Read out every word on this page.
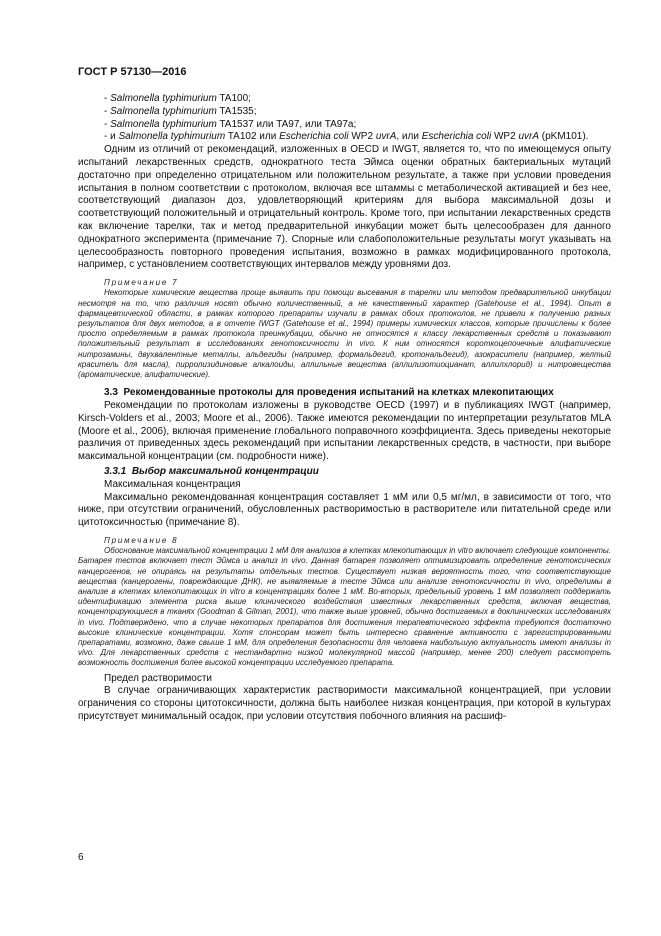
ГОСТ Р 57130—2016

- Salmonella typhimurium TA100;

- Salmonella typhimurium TA1535;

- Salmonella typhimurium TA1537 или TA97, или TA97a;

- и Salmonella typhimurium TA102 или Escherichia coli WP2 uvrA, или Escherichia coli WP2 uvrA (pKM101).

Одним из отличий от рекомендаций, изложенных в OECD и IWGT, является то, что по имеющемуся опыту испытаний лекарственных средств, однократного теста Эймса оценки обратных бактериальных мутаций достаточно при определенно отрицательном или положительном результате, а также при условии проведения испытания в полном соответствии с протоколом, включая все штаммы с метаболической активацией и без нее, соответствующий диапазон доз, удовлетворяющий критериям для выбора максимальной дозы и соответствующий положительный и отрицательный контроль. Кроме того, при испытании лекарственных средств как включение тарелки, так и метод предварительной инкубации может быть целесообразен для данного однократного эксперимента (примечание 7). Спорные или слабоположительные результаты могут указывать на целесообразность повторного проведения испытания, возможно в рамках модифицированного протокола, например, с установлением соответствующих интервалов между уровнями доз.

Примечание 7

Некоторые химические вещества проще выявить при помощи высевания в тарелки или методом предварительной инкубации несмотря на то, что различия носят обычно количественный, а не качественный характер (Gatehouse et al., 1994). Опыт в фармацевтической области, в рамках которого препараты изучали в рамках обоих протоколов, не привели к получению разных результатов для двух методов, а в отчете IWGT (Gatehouse et al., 1994) примеры химических классов, которые причислены к более просто определяемым в рамках протокола преинкубации, обычно не относятся к классу лекарственных средств и показывают положительный результат в исследованиях генотоксичности in vivo. К ним относятся короткоцепочечные алифатические нитрозамины, двухвалентные металлы, альдегиды (например, формальдегид, кротональдегид), азокрасители (например, желтый краситель для масла), пирролизидиновые алкалоиды, аллильные вещества (аллилизотиоцианат, аллилхлорид) и нитровещества (ароматические, алифатические).

3.3 Рекомендованные протоколы для проведения испытаний на клетках млекопитающих

Рекомендации по протоколам изложены в руководстве OECD (1997) и в публикациях IWGT (например, Kirsch-Volders et al., 2003; Moore et al., 2006). Также имеются рекомендации по интерпретации результатов MLA (Moore et al., 2006), включая применение глобального поправочного коэффициента. Здесь приведены некоторые различия от приведенных здесь рекомендаций при испытании лекарственных средств, в частности, при выборе максимальной концентрации (см. подробности ниже).

3.3.1 Выбор максимальной концентрации

Максимальная концентрация

Максимально рекомендованная концентрация составляет 1 мМ или 0,5 мг/мл, в зависимости от того, что ниже, при отсутствии ограничений, обусловленных растворимостью в растворителе или питательной среде или цитотоксичностью (примечание 8).

Примечание 8

Обоснование максимальной концентрации 1 мМ для анализов в клетках млекопитающих in vitro включает следующие компоненты. Батарея тестов включает тест Эймса и анализ in vivo. Данная батарея позволяет оптимизировать определение генотоксических канцерогенов, не опираясь на результаты отдельных тестов. Существует низкая вероятность того, что соответствующие вещества (канцерогены, повреждающие ДНК), не выявляемые в тесте Эймса или анализе генотоксичности in vivo, определимы в анализе в клетках млекопитающих in vitro в концентрациях более 1 мМ. Во-вторых, предельный уровень 1 мМ позволяет поддержать идентификацию элемента риска выше клинического воздействия известных лекарственных средств, включая вещества, концентрирующиеся в тканях (Goodman & Gilman, 2001), что также выше уровней, обычно достигаемых в доклинических исследованиях in vivo. Подтверждено, что в случае некоторых препаратов для достижения терапевтического эффекта требуются достаточно высокие клинические концентрации. Хотя спонсорам может быть интересно сравнение активности с зарегистрированными препаратами, возможно, даже свыше 1 мМ, для определения безопасности для человека наибольшую актуальность имеют анализы in vivo. Для лекарственных средств с нестандартно низкой молекулярной массой (например, менее 200) следует рассмотреть возможность достижения более высокой концентрации исследуемого препарата.

Предел растворимости

В случае ограничивающих характеристик растворимости максимальной концентрацией, при условии ограничения со стороны цитотоксичности, должна быть наиболее низкая концентрация, при которой в культурах присутствует минимальный осадок, при условии отсутствия побочного влияния на расшиф-

6
